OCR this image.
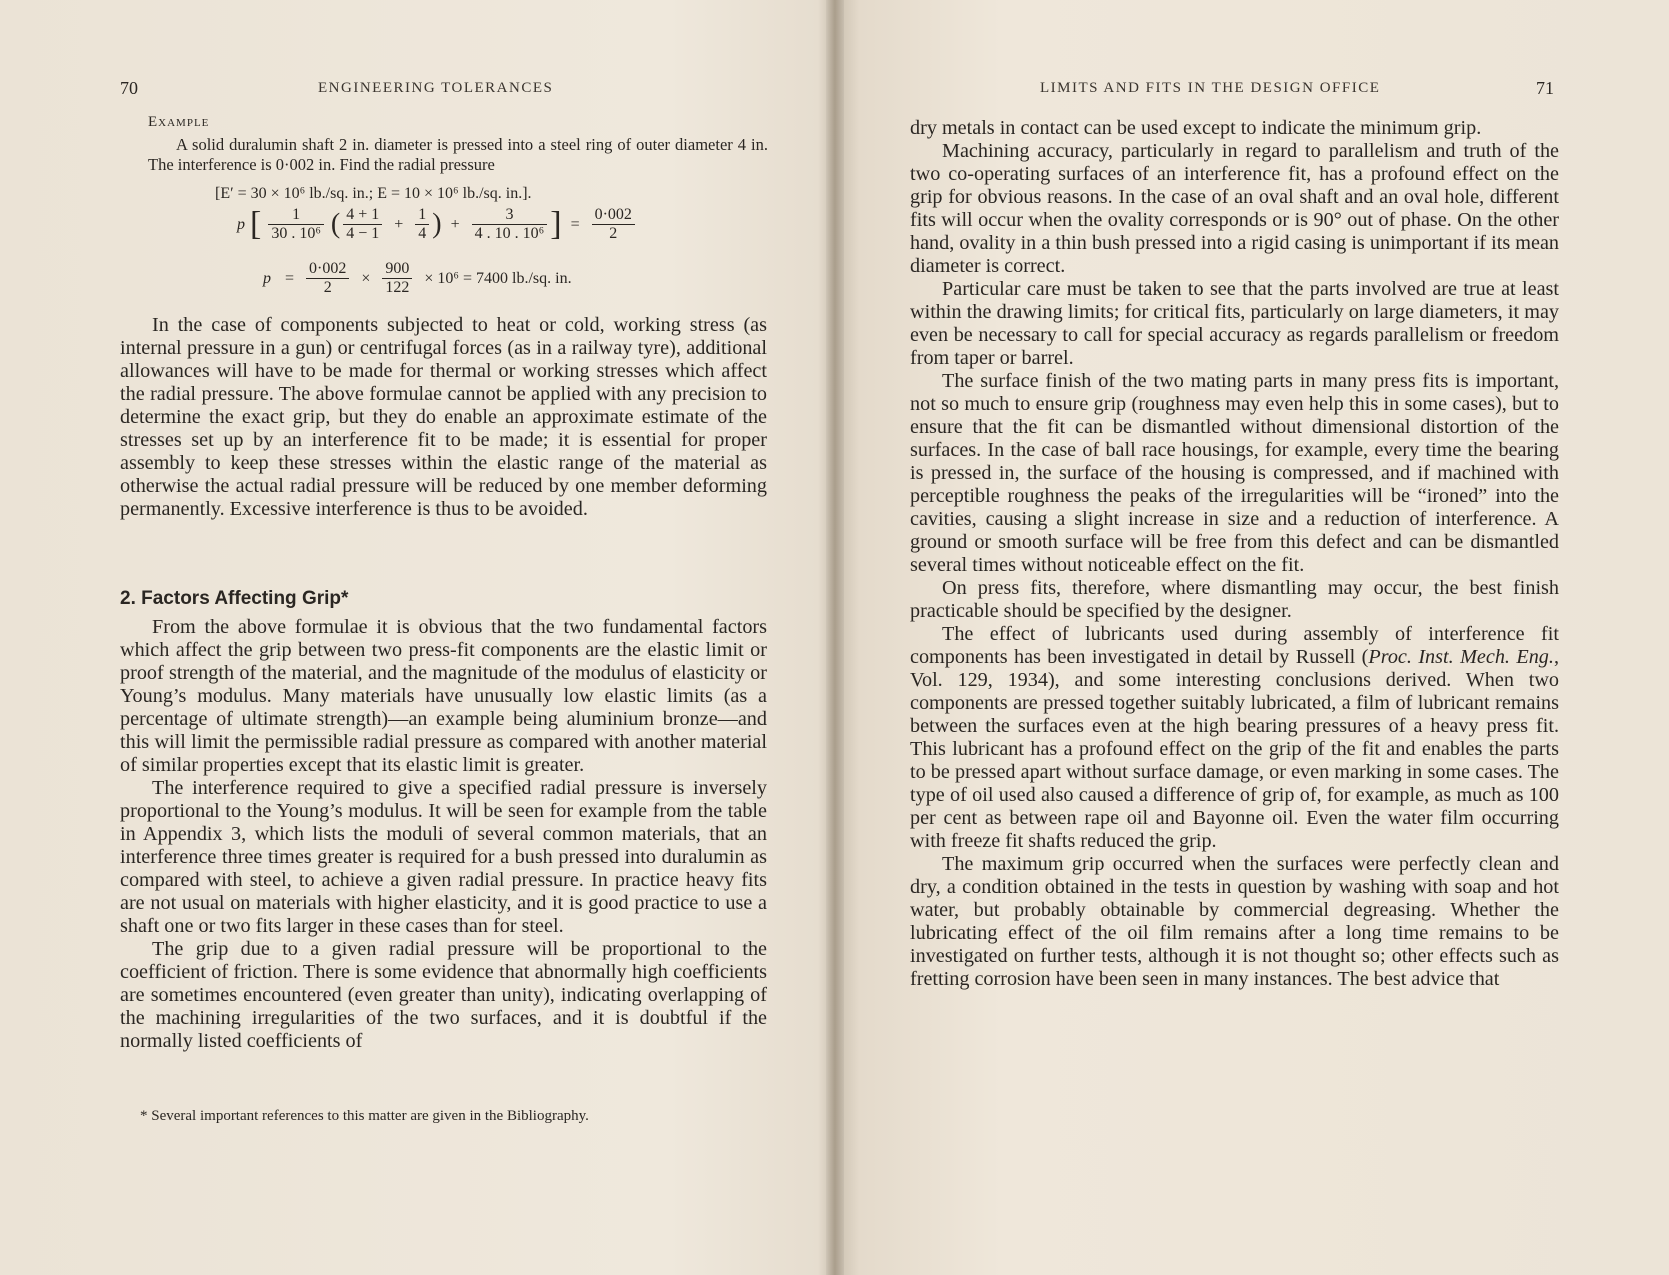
70	ENGINEERING TOLERANCES
Example

A solid duralumin shaft 2 in. diameter is pressed into a steel ring of outer diameter 4 in. The interference is 0·002 in. Find the radial pressure

[E′ = 30 × 10⁶ lb./sq. in.; E = 10 × 10⁶ lb./sq. in.].
p [ $\frac{1}{\text{30 . 10⁶}}$ ( $\frac{4 + 1}{4 - 1} + \frac{1}{4}$ ) + $\frac{3}{\text{4 . 10 . 10⁶}}$ ] = $\frac{0\cdot 002}{2}$
$p = \frac{0\cdot 002}{2} \times \frac{900}{122} \times 10^6 = 7400$ lb./sq. in.

In the case of components subjected to heat or cold, working stress (as internal pressure in a gun) or centrifugal forces (as in a railway tyre), additional allowances will have to be made for thermal or working stresses which affect the radial pressure. The above formulae cannot be applied with any precision to determine the exact grip, but they do enable an approximate estimate of the stresses set up by an interference fit to be made; it is essential for proper assembly to keep these stresses within the elastic range of the material as otherwise the actual radial pressure will be reduced by one member deforming permanently. Excessive interference is thus to be avoided.

2. Factors Affecting Grip*

From the above formulae it is obvious that the two fundamental factors which affect the grip between two press-fit components are the elastic limit or proof strength of the material, and the magnitude of the modulus of elasticity or Young’s modulus. Many materials have unusually low elastic limits (as a percentage of ultimate strength)—an example being aluminium bronze—and this will limit the permissible radial pressure as compared with another material of similar properties except that its elastic limit is greater.

The interference required to give a specified radial pressure is inversely proportional to the Young’s modulus. It will be seen for example from the table in Appendix 3, which lists the moduli of several common materials, that an interference three times greater is required for a bush pressed into duralumin as compared with steel, to achieve a given radial pressure. In practice heavy fits are not usual on materials with higher elasticity, and it is good practice to use a shaft one or two fits larger in these cases than for steel.

The grip due to a given radial pressure will be proportional to the coefficient of friction. There is some evidence that abnormally high coefficients are sometimes encountered (even greater than unity), indicating overlapping of the machining irregularities of the two surfaces, and it is doubtful if the normally listed coefficients of

* Several important references to this matter are given in the Bibliography.
LIMITS AND FITS IN THE DESIGN OFFICE	71

dry metals in contact can be used except to indicate the minimum grip.

Machining accuracy, particularly in regard to parallelism and truth of the two co-operating surfaces of an interference fit, has a profound effect on the grip for obvious reasons. In the case of an oval shaft and an oval hole, different fits will occur when the ovality corresponds or is 90° out of phase. On the other hand, ovality in a thin bush pressed into a rigid casing is unimportant if its mean diameter is correct.

Particular care must be taken to see that the parts involved are true at least within the drawing limits; for critical fits, particularly on large diameters, it may even be necessary to call for special accuracy as regards parallelism or freedom from taper or barrel.

The surface finish of the two mating parts in many press fits is important, not so much to ensure grip (roughness may even help this in some cases), but to ensure that the fit can be dismantled without dimensional distortion of the surfaces. In the case of ball race housings, for example, every time the bearing is pressed in, the surface of the housing is compressed, and if machined with perceptible roughness the peaks of the irregularities will be “ironed” into the cavities, causing a slight increase in size and a reduction of interference. A ground or smooth surface will be free from this defect and can be dismantled several times without noticeable effect on the fit.

On press fits, therefore, where dismantling may occur, the best finish practicable should be specified by the designer.

The effect of lubricants used during assembly of interference fit components has been investigated in detail by Russell (Proc. Inst. Mech. Eng., Vol. 129, 1934), and some interesting conclusions derived. When two components are pressed together suitably lubricated, a film of lubricant remains between the surfaces even at the high bearing pressures of a heavy press fit. This lubricant has a profound effect on the grip of the fit and enables the parts to be pressed apart without surface damage, or even marking in some cases. The type of oil used also caused a difference of grip of, for example, as much as 100 per cent as between rape oil and Bayonne oil. Even the water film occurring with freeze fit shafts reduced the grip.

The maximum grip occurred when the surfaces were perfectly clean and dry, a condition obtained in the tests in question by washing with soap and hot water, but probably obtainable by commercial degreasing. Whether the lubricating effect of the oil film remains after a long time remains to be investigated on further tests, although it is not thought so; other effects such as fretting corrosion have been seen in many instances. The best advice that
